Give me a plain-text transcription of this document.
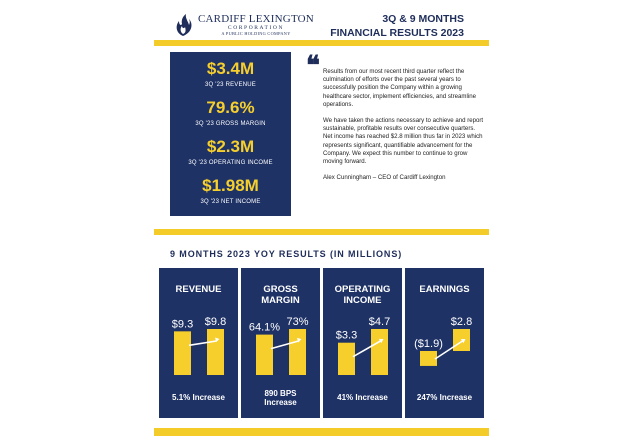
CARDIFF LEXINGTON
CORPORATION
A PUBLIC HOLDING COMPANY
3Q & 9 MONTHS
FINANCIAL RESULTS 2023
$3.4M
3Q '23 REVENUE
79.6%
3Q '23 GROSS MARGIN
$2.3M
3Q '23 OPERATING INCOME
$1.98M
3Q '23 NET INCOME
❝ Results from our most recent third quarter reflect the culmination of efforts over the past several years to successfully position the Company within a growing healthcare sector, implement efficiencies, and streamline operations.

We have taken the actions necessary to achieve and report sustainable, profitable results over consecutive quarters. Net income has reached $2.8 million thus far in 2023 which represents significant, quantifiable advancement for the Company. We expect this number to continue to grow moving forward.

Alex Cunningham – CEO of Cardiff Lexington

9 MONTHS 2023 YOY RESULTS (IN MILLIONS)
REVENUE
$9.3 $9.8
5.1% Increase
GROSS
MARGIN
64.1% 73%
890 BPS
Increase
OPERATING
INCOME
$3.3
$4.7
41% Increase
EARNINGS
($1.9)
$2.8
247% Increase
